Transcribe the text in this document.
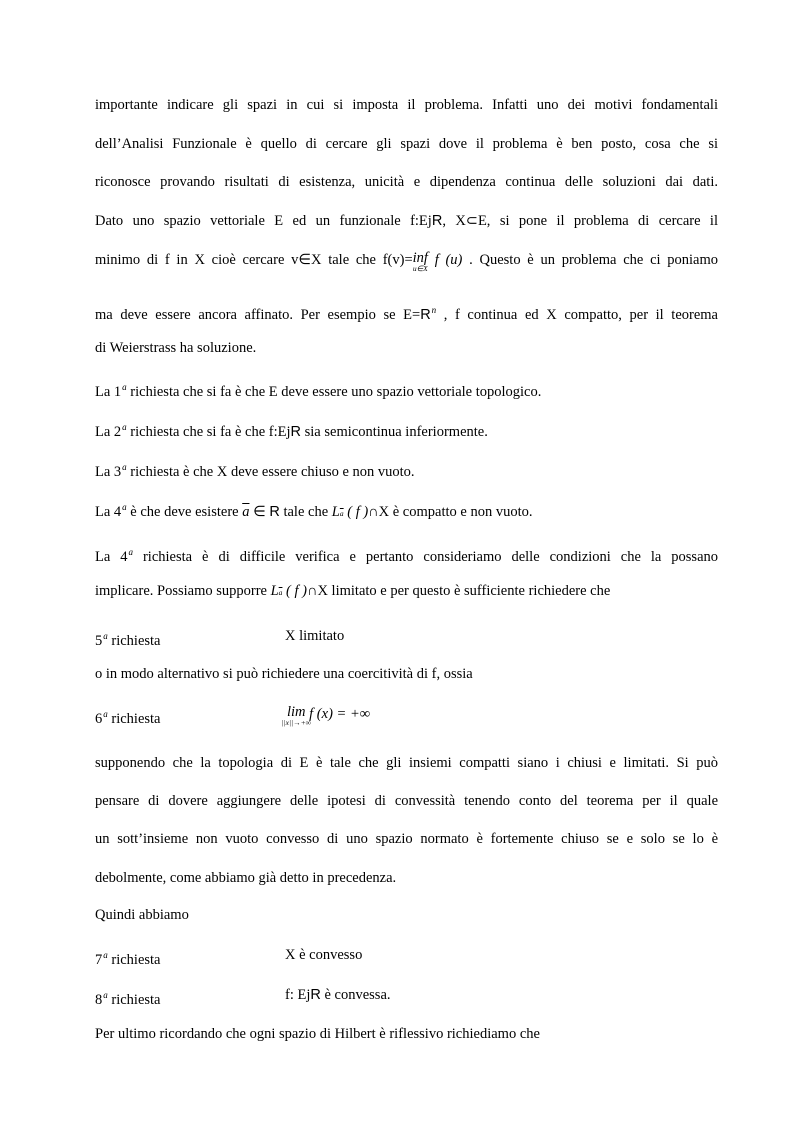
importante indicare gli spazi in cui si imposta il problema. Infatti uno dei motivi fondamentali
dell’Analisi Funzionale è quello di cercare gli spazi dove il problema è ben posto, cosa che si
riconosce provando risultati di esistenza, unicità e dipendenza continua delle soluzioni dai dati.
Dato uno spazio vettoriale E ed un funzionale f:EjR, X⊂E, si pone il problema di cercare il
minimo di f in X cioè cercare v∈X tale che f(v)=inf
u∈X
f (u) . Questo è un problema che ci poniamo
ma deve essere ancora affinato. Per esempio se $E=R^n$ , f continua ed X compatto, per il teorema
di Weierstrass ha soluzione.
La 1$^a$ richiesta che si fa è che E deve essere uno spazio vettoriale topologico.
La 2$^a$ richiesta che si fa è che f:EjR sia semicontinua inferiormente.
La 3$^a$ richiesta è che X deve essere chiuso e non vuoto.
La 4$^a$ è che deve esistere $\overline{a}$ ∈ R tale che $L\overline{a}$ ( f )∩X è compatto e non vuoto.
La 4$^a$ richiesta è di difficile verifica e pertanto consideriamo delle condizioni che la possano
implicare. Possiamo supporre $L\overline{a}$ ( f )∩X limitato e per questo è sufficiente richiedere che
5$^a$ richiesta	X limitato
o in modo alternativo si può richiedere una coercitività di f, ossia
6$^a$ richiesta	lim
||x||→+∞
f (x) = +∞
supponendo che la topologia di E è tale che gli insiemi compatti siano i chiusi e limitati. Si può
pensare di dovere aggiungere delle ipotesi di convessità tenendo conto del teorema per il quale
un sott’insieme non vuoto convesso di uno spazio normato è fortemente chiuso se e solo se lo è
debolmente, come abbiamo già detto in precedenza.
Quindi abbiamo
7$^a$ richiesta	X è convesso
8$^a$ richiesta	f: EjR è convessa.
Per ultimo ricordando che ogni spazio di Hilbert è riflessivo richiediamo che
